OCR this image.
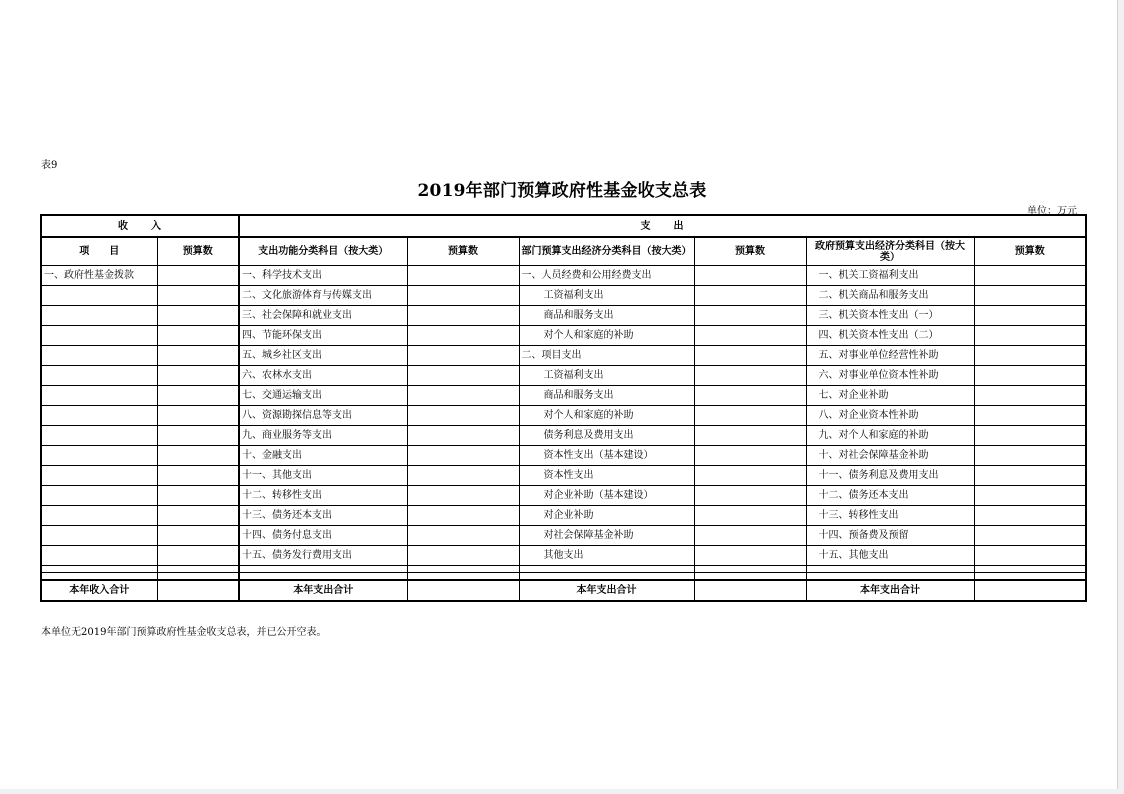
表9
2019年部门预算政府性基金收支总表
单位：万元
收　　入		支　　出					
项　　目	预算数	支出功能分类科目（按大类）	预算数	部门预算支出经济分类科目（按大类）	预算数	政府预算支出经济分类科目（按大类）	预算数
一、政府性基金拨款		一、科学技术支出		一、人员经费和公用经费支出		一、机关工资福利支出	
		二、文化旅游体育与传媒支出		工资福利支出		二、机关商品和服务支出	
		三、社会保障和就业支出		商品和服务支出		三、机关资本性支出（一）	
		四、节能环保支出		对个人和家庭的补助		四、机关资本性支出（二）	
		五、城乡社区支出		二、项目支出		五、对事业单位经营性补助	
		六、农林水支出		工资福利支出		六、对事业单位资本性补助	
		七、交通运输支出		商品和服务支出		七、对企业补助	
		八、资源勘探信息等支出		对个人和家庭的补助		八、对企业资本性补助	
		九、商业服务等支出		债务利息及费用支出		九、对个人和家庭的补助	
		十、金融支出		资本性支出（基本建设）		十、对社会保障基金补助	
		十一、其他支出		资本性支出		十一、债务利息及费用支出	
		十二、转移性支出		对企业补助（基本建设）		十二、债务还本支出	
		十三、债务还本支出		对企业补助		十三、转移性支出	
		十四、债务付息支出		对社会保障基金补助		十四、预备费及预留	
		十五、债务发行费用支出		其他支出		十五、其他支出	

本年收入合计		本年支出合计		本年支出合计		本年支出合计	
本单位无2019年部门预算政府性基金收支总表，并已公开空表。
